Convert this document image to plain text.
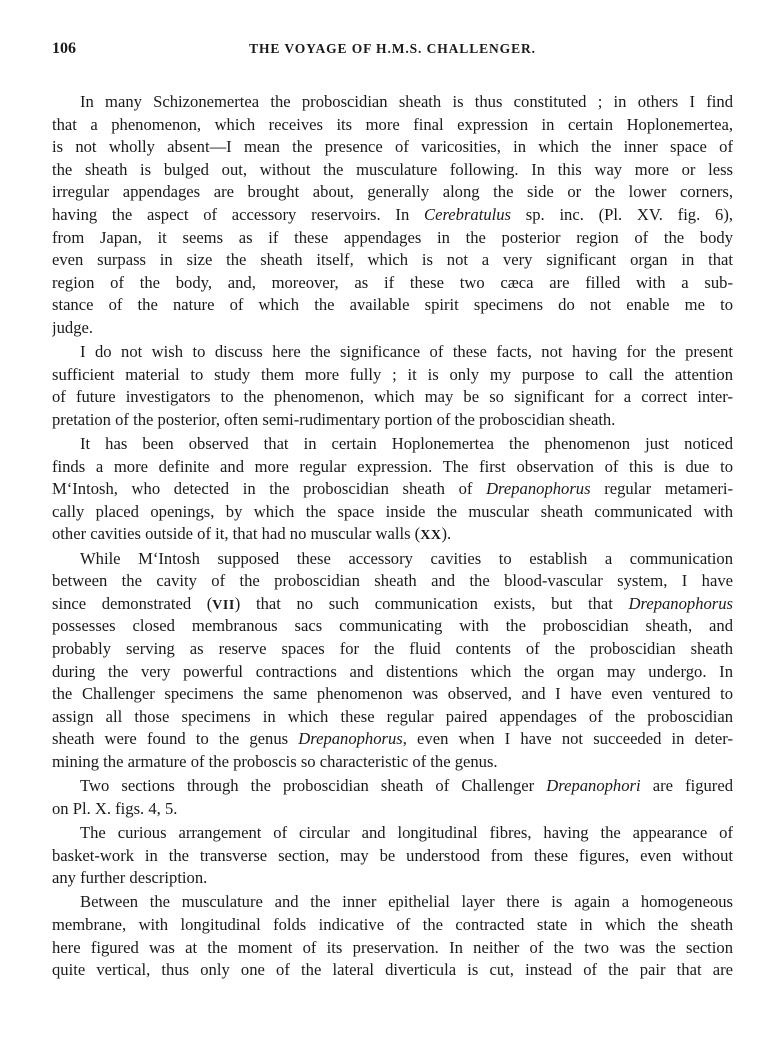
106	THE VOYAGE OF H.M.S. CHALLENGER.
In many Schizonemertea the proboscidian sheath is thus constituted ; in others I find
that a phenomenon, which receives its more final expression in certain Hoplonemertea,
is not wholly absent—I mean the presence of varicosities, in which the inner space of
the sheath is bulged out, without the musculature following. In this way more or less
irregular appendages are brought about, generally along the side or the lower corners,
having the aspect of accessory reservoirs. In Cerebratulus sp. inc. (Pl. XV. fig. 6),
from Japan, it seems as if these appendages in the posterior region of the body
even surpass in size the sheath itself, which is not a very significant organ in that
region of the body, and, moreover, as if these two cæca are filled with a sub-
stance of the nature of which the available spirit specimens do not enable me to
judge.
I do not wish to discuss here the significance of these facts, not having for the present
sufficient material to study them more fully ; it is only my purpose to call the attention
of future investigators to the phenomenon, which may be so significant for a correct inter-
pretation of the posterior, often semi-rudimentary portion of the proboscidian sheath.
It has been observed that in certain Hoplonemertea the phenomenon just noticed
finds a more definite and more regular expression. The first observation of this is due to
M‘Intosh, who detected in the proboscidian sheath of Drepanophorus regular metameri-
cally placed openings, by which the space inside the muscular sheath communicated with
other cavities outside of it, that had no muscular walls (XX).
While M‘Intosh supposed these accessory cavities to establish a communication
between the cavity of the proboscidian sheath and the blood-vascular system, I have
since demonstrated (VII) that no such communication exists, but that Drepanophorus
possesses closed membranous sacs communicating with the proboscidian sheath, and
probably serving as reserve spaces for the fluid contents of the proboscidian sheath
during the very powerful contractions and distentions which the organ may undergo. In
the Challenger specimens the same phenomenon was observed, and I have even ventured to
assign all those specimens in which these regular paired appendages of the proboscidian
sheath were found to the genus Drepanophorus, even when I have not succeeded in deter-
mining the armature of the proboscis so characteristic of the genus.
Two sections through the proboscidian sheath of Challenger Drepanophori are figured
on Pl. X. figs. 4, 5.
The curious arrangement of circular and longitudinal fibres, having the appearance of
basket-work in the transverse section, may be understood from these figures, even without
any further description.
Between the musculature and the inner epithelial layer there is again a homogeneous
membrane, with longitudinal folds indicative of the contracted state in which the sheath
here figured was at the moment of its preservation. In neither of the two was the section
quite vertical, thus only one of the lateral diverticula is cut, instead of the pair that are
